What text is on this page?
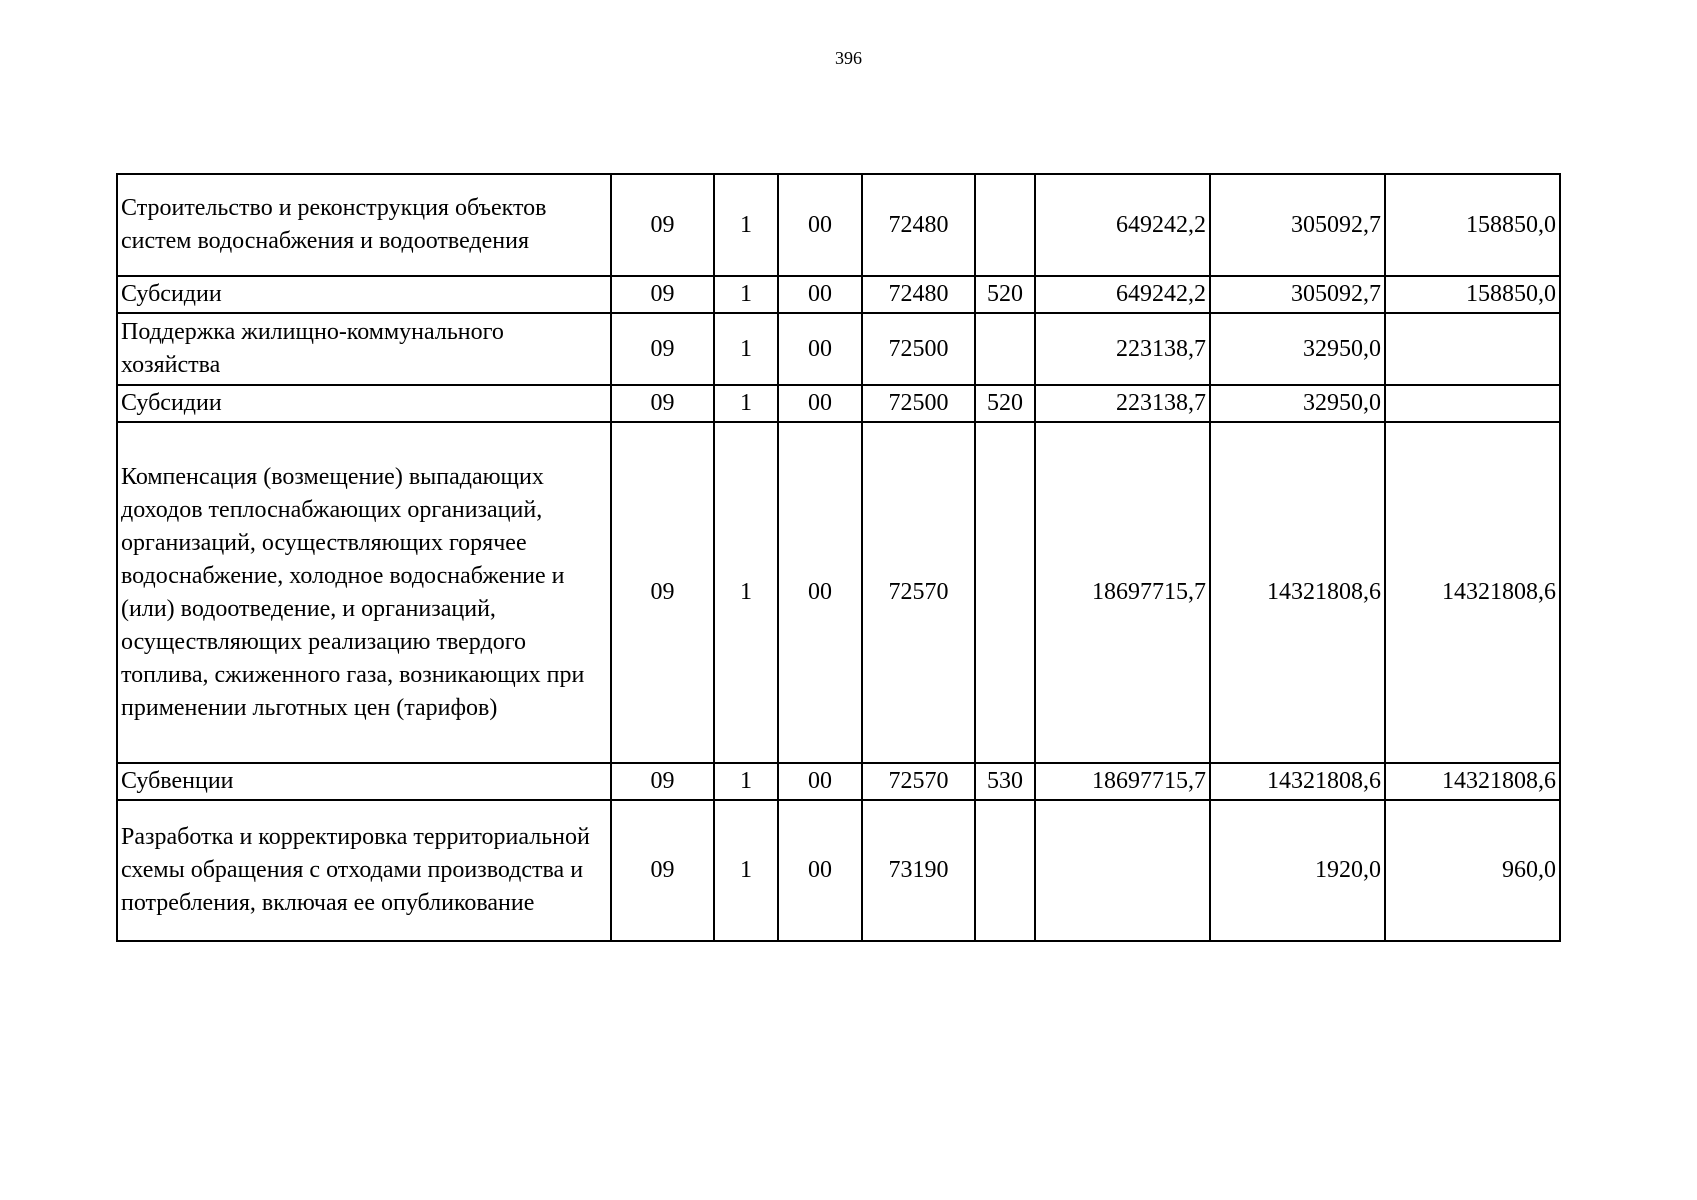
396
Строительство и реконструкция объектов систем водоснабжения и водоотведения	09	1	00	72480		649242,2	305092,7	158850,0
Субсидии	09	1	00	72480	520	649242,2	305092,7	158850,0
Поддержка жилищно-коммунального хозяйства	09	1	00	72500		223138,7	32950,0	
Субсидии	09	1	00	72500	520	223138,7	32950,0	
Компенсация (возмещение) выпадающих доходов теплоснабжающих организаций, организаций, осуществляющих горячее водоснабжение, холодное водоснабжение и (или) водоотведение, и организаций, осуществляющих реализацию твердого топлива, сжиженного газа, возникающих при применении льготных цен (тарифов)	09	1	00	72570		18697715,7	14321808,6	14321808,6
Субвенции	09	1	00	72570	530	18697715,7	14321808,6	14321808,6
Разработка и корректировка территориальной схемы обращения с отходами производства и потребления, включая ее опубликование	09	1	00	73190			1920,0	960,0
